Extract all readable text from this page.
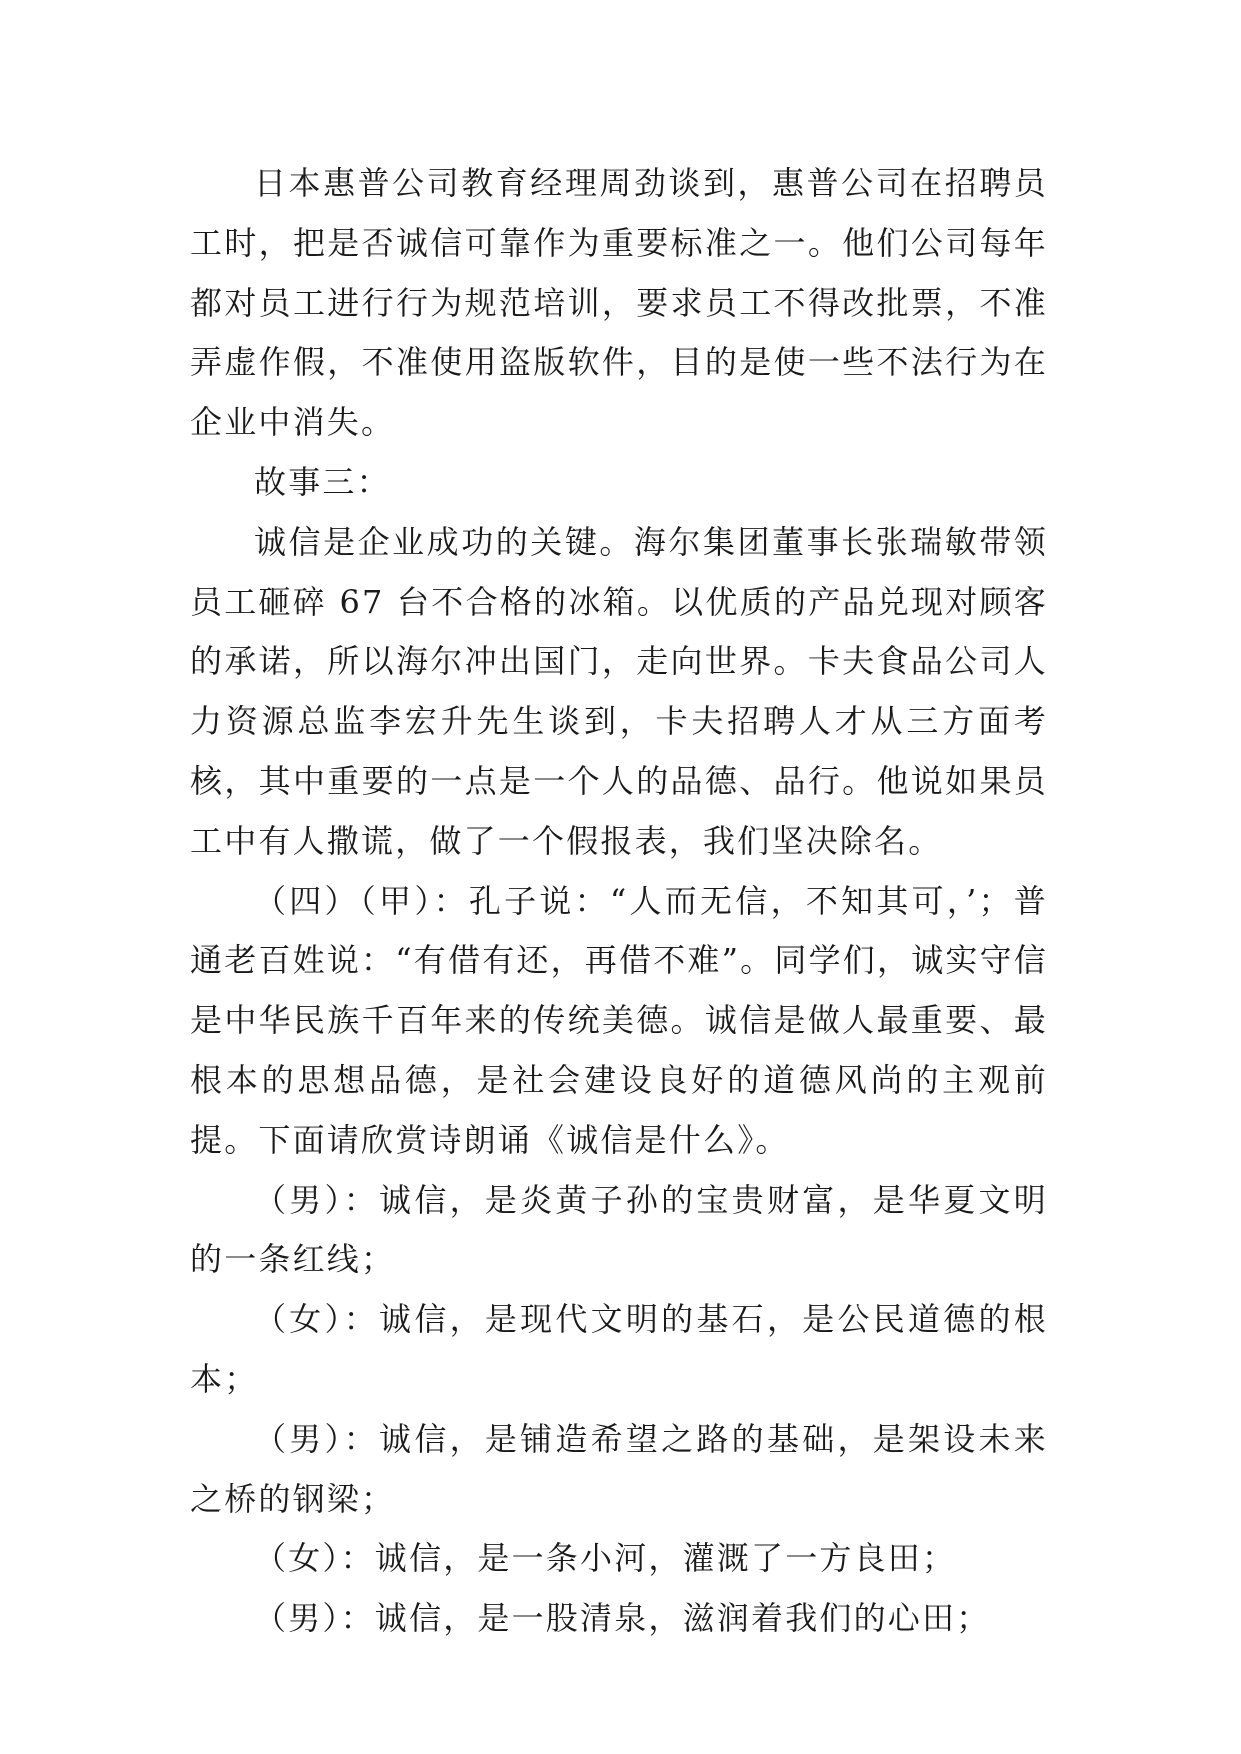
日本惠普公司教育经理周劲谈到，惠普公司在招聘员工时，把是否诚信可靠作为重要标准之一。他们公司每年都对员工进行行为规范培训，要求员工不得改批票，不准弄虚作假，不准使用盗版软件，目的是使一些不法行为在企业中消失。

故事三：

诚信是企业成功的关键。海尔集团董事长张瑞敏带领员工砸碎 67 台不合格的冰箱。以优质的产品兑现对顾客的承诺，所以海尔冲出国门，走向世界。卡夫食品公司人力资源总监李宏升先生谈到，卡夫招聘人才从三方面考核，其中重要的一点是一个人的品德、品行。他说如果员工中有人撒谎，做了一个假报表，我们坚决除名。

（四）（甲）：孔子说：“人而无信，不知其可，’；普通老百姓说：“有借有还，再借不难”。同学们，诚实守信是中华民族千百年来的传统美德。诚信是做人最重要、最根本的思想品德，是社会建设良好的道德风尚的主观前提。下面请欣赏诗朗诵《诚信是什么》。

（男）：诚信，是炎黄子孙的宝贵财富，是华夏文明的一条红线；

（女）：诚信，是现代文明的基石，是公民道德的根本；

（男）：诚信，是铺造希望之路的基础，是架设未来之桥的钢梁；

（女）：诚信，是一条小河，灌溉了一方良田；

（男）：诚信，是一股清泉，滋润着我们的心田；
